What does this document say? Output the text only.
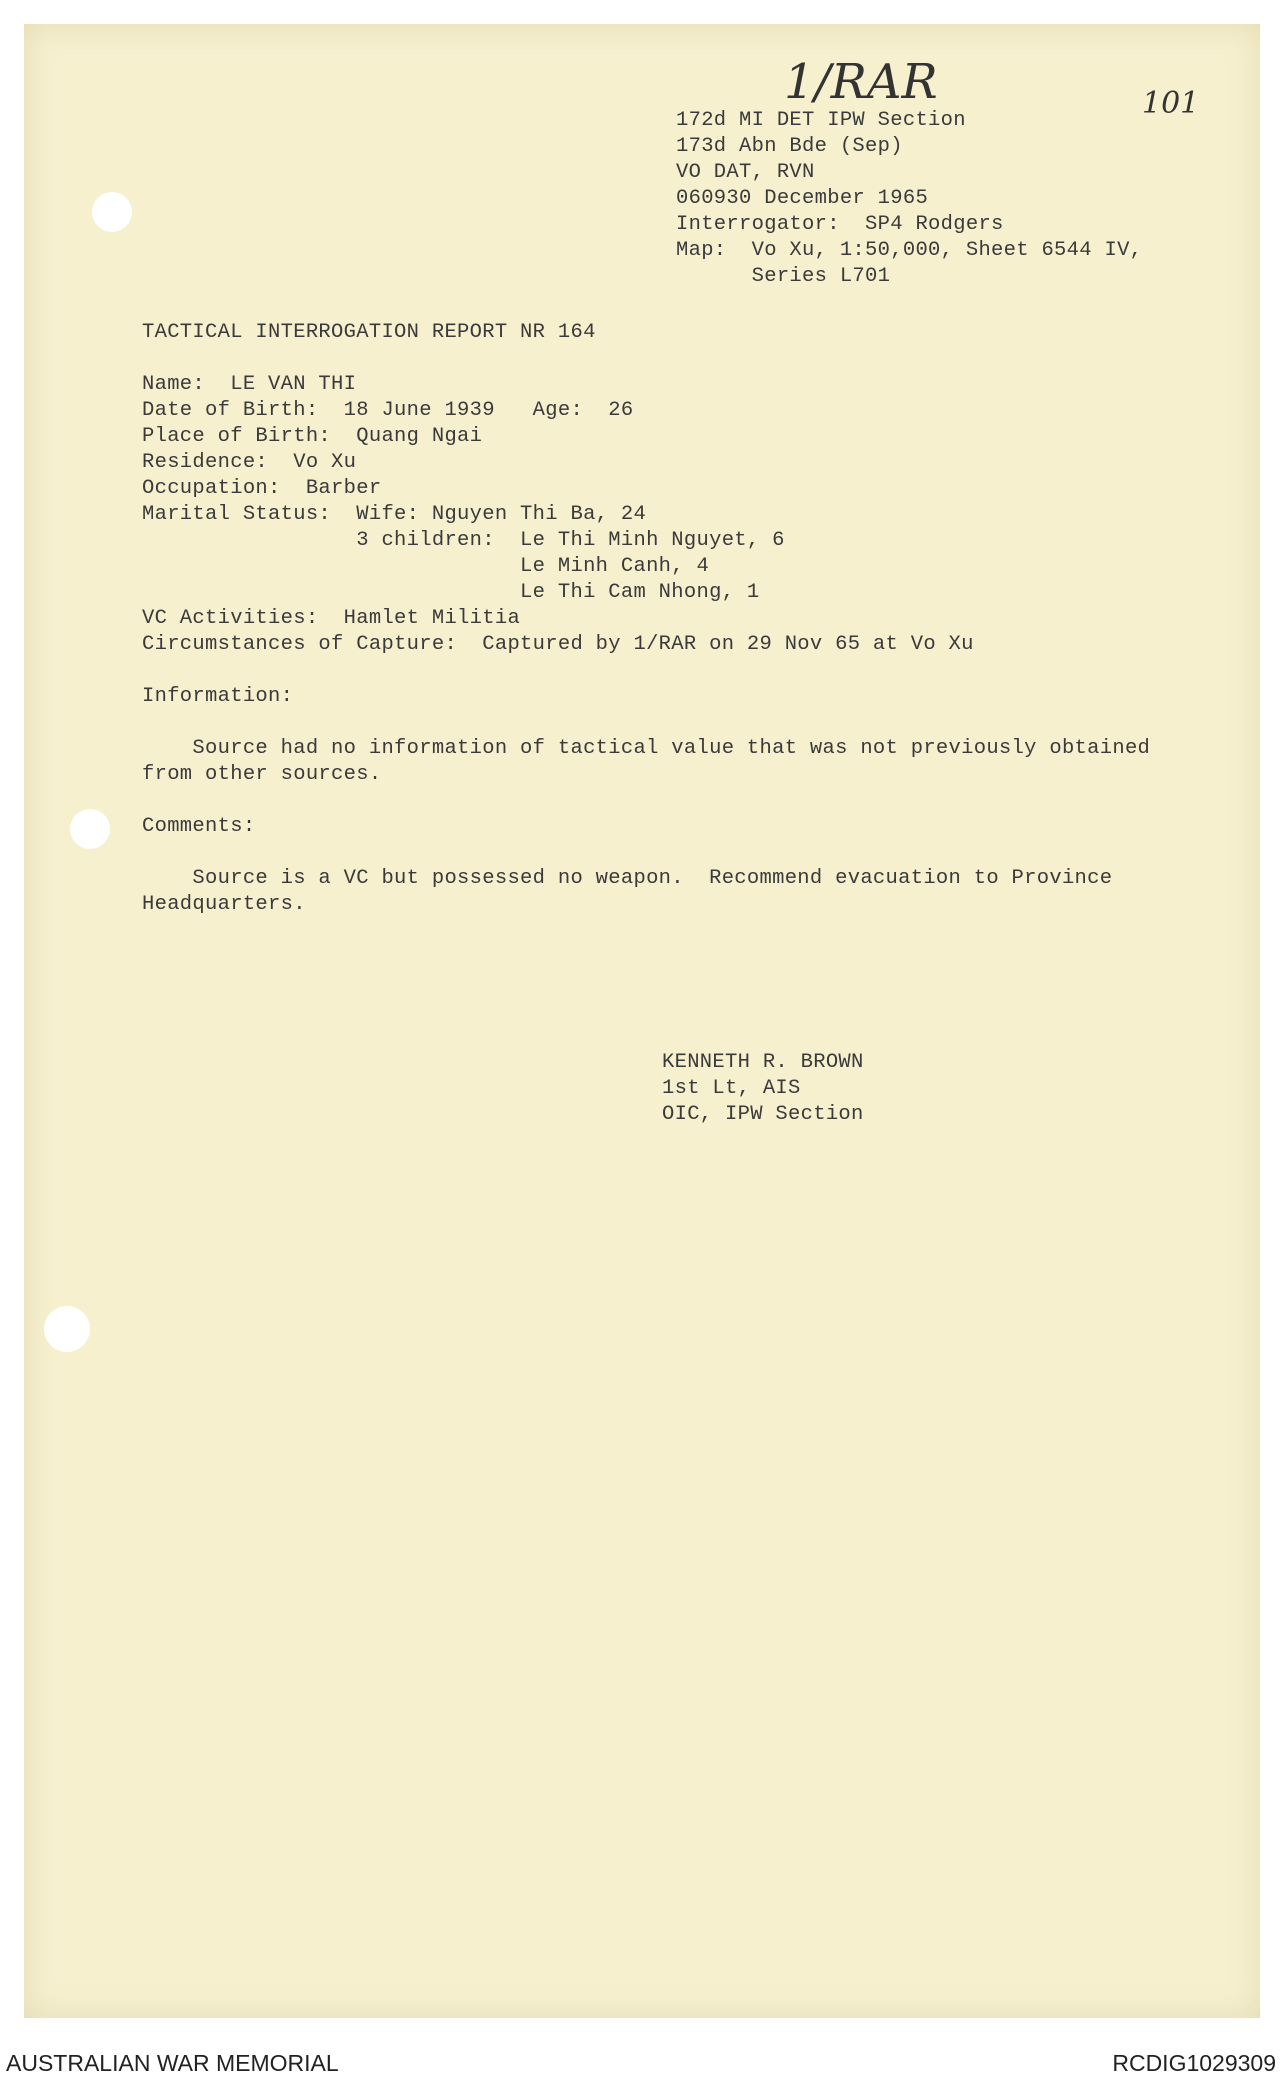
1/RAR	101
172d MI DET IPW Section
173d Abn Bde (Sep)
VO DAT, RVN
060930 December 1965
Interrogator:  SP4 Rodgers
Map:  Vo Xu, 1:50,000, Sheet 6544 IV,
Series L701
TACTICAL INTERROGATION REPORT NR 164
Name:  LE VAN THI
Date of Birth:  18 June 1939   Age:  26
Place of Birth:  Quang Ngai
Residence:  Vo Xu
Occupation:  Barber
Marital Status:  Wife: Nguyen Thi Ba, 24
3 children:  Le Thi Minh Nguyet, 6
Le Minh Canh, 4
Le Thi Cam Nhong, 1
VC Activities:  Hamlet Militia
Circumstances of Capture:  Captured by 1/RAR on 29 Nov 65 at Vo Xu
Information:
Source had no information of tactical value that was not previously obtained
from other sources.
Comments:
Source is a VC but possessed no weapon.  Recommend evacuation to Province
Headquarters.
KENNETH R. BROWN
1st Lt, AIS
OIC, IPW Section
AUSTRALIAN WAR MEMORIAL	RCDIG1029309
